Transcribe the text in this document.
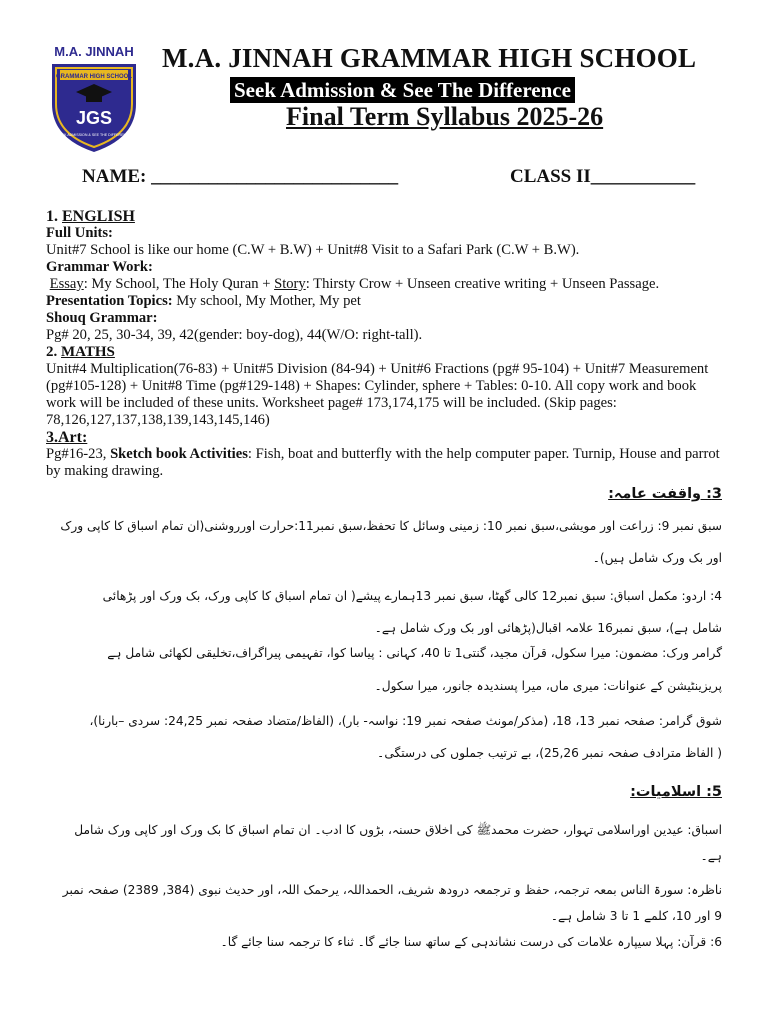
M.A. JINNAH
GRAMMAR HIGH SCHOOL
JGS
SEEK ADMISSION & SEE THE DIFFERENCE
M.A. JINNAH GRAMMAR HIGH SCHOOL
Seek Admission & See The Difference
Final Term Syllabus 2025-26
NAME: __________________________	CLASS II___________

1. ENGLISH

Full Units:

Unit#7 School is like our home (C.W + B.W) + Unit#8 Visit to a Safari Park (C.W + B.W).

Grammar Work:

Essay: My School, The Holy Quran + Story: Thirsty Crow + Unseen creative writing + Unseen Passage.

Presentation Topics: My school, My Mother, My pet

Shouq Grammar:

Pg# 20, 25, 30-34, 39, 42(gender: boy-dog), 44(W/O: right-tall).

2. MATHS

Unit#4 Multiplication(76-83) + Unit#5 Division (84-94) + Unit#6 Fractions (pg# 95-104) + Unit#7 Measurement (pg#105-128) + Unit#8 Time (pg#129-148) + Shapes: Cylinder, sphere + Tables: 0-10. All copy work and book work will be included of these units. Worksheet page# 173,174,175 will be included. (Skip pages: 78,126,127,137,138,139,143,145,146)

3.Art:

Pg#16-23, Sketch book Activities: Fish, boat and butterfly with the help computer paper. Turnip, House and parrot by making drawing.

3: واقفت عامہ:
سبق نمبر 9: زراعت اور مویشی،سبق نمبر 10: زمینی وسائل کا تحفظ،سبق نمبر11:حرارت اورروشنی(ان تمام اسباق کا کاپی ورک
اور بک ورک شامل ہیں)۔
4: اردو: مکمل اسباق: سبق نمبر12 کالی گھٹا، سبق نمبر 13ہمارے پیشے( ان تمام اسباق کا کاپی ورک، بک ورک اور پڑھائی
شامل ہے)، سبق نمبر16 علامہ اقبال(پڑھائی اور بک ورک شامل ہے۔
گرامر ورک: مضمون: میرا سکول، قرآن مجید، گنتی1 تا 40، کہانی : پیاسا کوا، تفہیمی پیراگراف،تخلیقی لکھائی شامل ہے
پریزینٹیشن کے عنوانات: میری ماں، میرا پسندیدہ جانور، میرا سکول۔
شوق گرامر: صفحہ نمبر 13، 18، (مذکر/مونث صفحہ نمبر 19: نواسہ- بار)، (الفاظ/متضاد صفحہ نمبر 24,25: سردی –بارنا)،
( الفاظ مترادف صفحہ نمبر 25,26)، بے ترتیب جملوں کی درستگی۔
5: اسلامیات:
اسباق: عیدین اوراسلامی تہوار، حضرت محمدﷺ کی اخلاق حسنہ، بڑوں کا ادب۔ ان تمام اسباق کا بک ورک اور کاپی ورک شامل
ہے۔
ناظرہ: سورۃ الناس بمعہ ترجمہ، حفظ و ترجمعہ درودھ شریف، الحمداللہ، یرحمک اللہ، اور حدیث نبوی (384, 2389) صفحہ نمبر
9 اور 10، کلمے 1 تا 3 شامل ہے۔
6: قرآن: پہلا سیپارہ علامات کی درست نشاندہی کے ساتھ سنا جائے گا۔ ثناء کا ترجمہ سنا جائے گا۔
